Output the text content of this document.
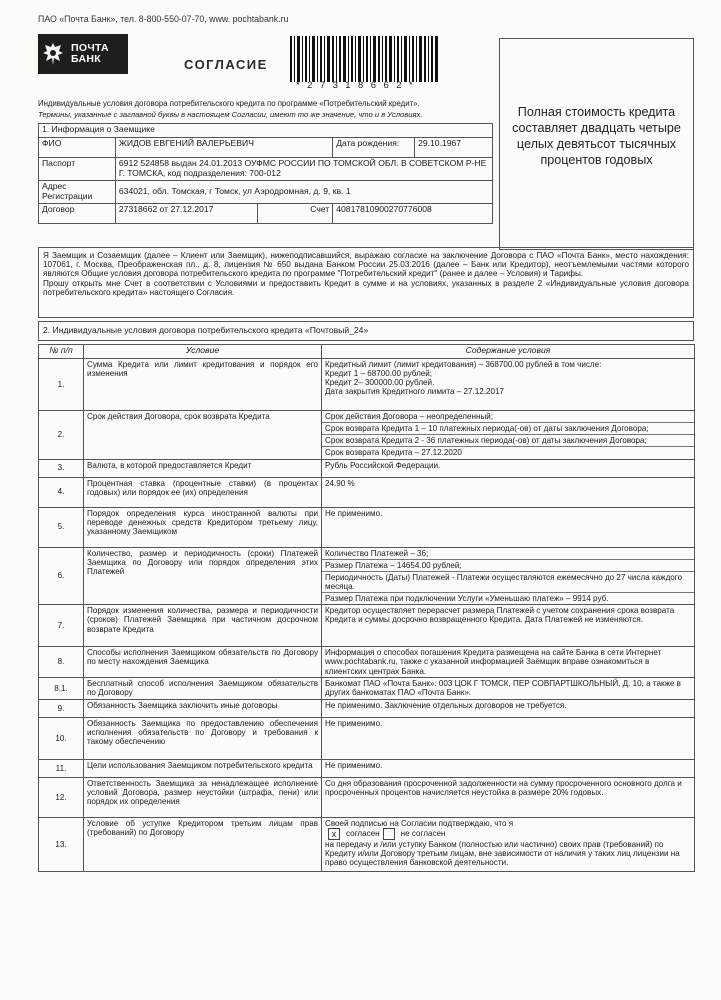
ПАО «Почта Банк», тел. 8-800-550-07-70, www. pochtabank.ru
ПОЧТА
БАНК	СОГЛАСИЕ
* 2 7 3 1 8 6 6 2 *
Индивидуальные условия договора потребительского кредита по программе «Потребительский кредит».
Термины, указанные с заглавной буквы в настоящем Согласии, имеют то же значение, что и в Условиях.	Полная стоимость кредита составляет двадцать четыре целых девятьсот тысячных процентов годовых
1. Информация о Заемщике				
ФИО	ЖИДОВ ЕВГЕНИЙ ВАЛЕРЬЕВИЧ		Дата рождения:	29.10.1967
Паспорт	6912 524858 выдан 24.01.2013 ОУФМС РОССИИ ПО ТОМСКОЙ ОБЛ. В СОВЕТСКОМ Р-НЕ Г. ТОМСКА, код подразделения: 700-012			
Адрес Регистрации	634021, обл. Томская, г Томск, ул Аэродромная, д. 9, кв. 1			
Договор	27318662 от 27.12.2017	Счет	40817810900270776008	
Я Заемщик и Созаемщик (далее – Клиент или Заемщик), нижеподписавшийся, выражаю согласие на заключение Договора с ПАО «Почта Банк», место нахождения: 107061, г. Москва, Преображенская пл., д. 8, лицензия № 650 выдана Банком России 25.03.2016 (далее – Банк или Кредитор), неотъемлемыми частями которого являются Общие условия договора потребительского кредита по программе "Потребительский кредит" (ранее и далее – Условия) и Тарифы.
Прошу открыть мне Счет в соответствии с Условиями и предоставить Кредит в сумме и на условиях, указанных в разделе 2 «Индивидуальные условия договора потребительского кредита» настоящего Согласия.
2. Индивидуальные условия договора потребительского кредита «Почтовый_24»
№ п/п	Условие	Содержание условия
1.	Сумма Кредита или лимит кредитования и порядок его изменения	Кредитный лимит (лимит кредитования) – 368700.00 рублей в том числе:
Кредит 1 – 68700.00 рублей;
Кредит 2– 300000.00 рублей.
Дата закрытия Кредитного лимита – 27.12.2017

2.	Срок действия Договора, срок возврата Кредита	Срок действия Договора – неопределенный;
Срок возврата Кредита 1 – 10 платежных периода(-ов) от даты заключения Договора;
Срок возврата Кредита 2 - 36 платежных периода(-ов) от даты заключения Договора;
Срок возврата Кредита – 27.12.2020

3.	Валюта, в которой предоставляется Кредит	Рубль Российской Федерации.

4.	Процентная ставка (процентные ставки) (в процентах годовых) или порядок ее (их) определения	24.90 %

5.	Порядок определения курса иностранной валюты при переводе денежных средств Кредитором третьему лицу, указанному Заемщиком	Не применимо.

6.	Количество, размер и периодичность (сроки) Платежей Заемщика по Договору или порядок определения этих Платежей	Количество Платежей – 36;
Размер Платежа – 14654.00 рублей;
Периодичность (Даты) Платежей - Платежи осуществляются ежемесячно до 27 числа каждого месяца.
Размер Платежа при подключении Услуги «Уменьшаю платеж» – 9914 руб.

7.	Порядок изменения количества, размера и периодичности (сроков) Платежей Заемщика при частичном досрочном возврате Кредита	Кредитор осуществляет перерасчет размера Платежей с учетом сохранения срока возврата Кредита и суммы досрочно возвращенного Кредита. Дата Платежей не изменяются.

8.	Способы исполнения Заемщиком обязательств по Договору по месту нахождения Заемщика	Информация о способах погашения Кредита размещена на сайте Банка в сети Интернет www.pochtabank.ru, также с указанной информацией Заёмщик вправе ознакомиться в клиентских центрах Банка.

8.1.	Бесплатный способ исполнения Заемщиком обязательств по Договору	Банкомат ПАО «Почта Банк»: 003 ЦОК Г ТОМСК, ПЕР СОВПАРТШКОЛЬНЫЙ, Д. 10, а также в других банкоматах ПАО «Почта Банк».

9.	Обязанность Заемщика заключить иные договоры	Не применимо. Заключение отдельных договоров не требуется.

10.	Обязанность Заемщика по предоставлению обеспечения исполнения обязательств по Договору и требования к такому обеспечению	Не применимо.

11.	Цели использования Заемщиком потребительского кредита	Не применимо.

12.	Ответственность Заемщика за ненадлежащее исполнение условий Договора, размер неустойки (штрафа, пени) или порядок их определения	Со дня образования просроченной задолженности на сумму просроченного основного долга и просроченных процентов начисляется неустойка в размере 20% годовых.

13.	Условие об уступке Кредитором третьим лицам прав (требований) по Договору	Своей подписью на Согласии подтверждаю, что я
x согласен не согласен
на передачу и /или уступку Банком (полностью или частично) своих прав (требований) по Кредиту и/или Договору третьим лицам, вне зависимости от наличия у таких лиц лицензии на право осуществления банковской деятельности.
